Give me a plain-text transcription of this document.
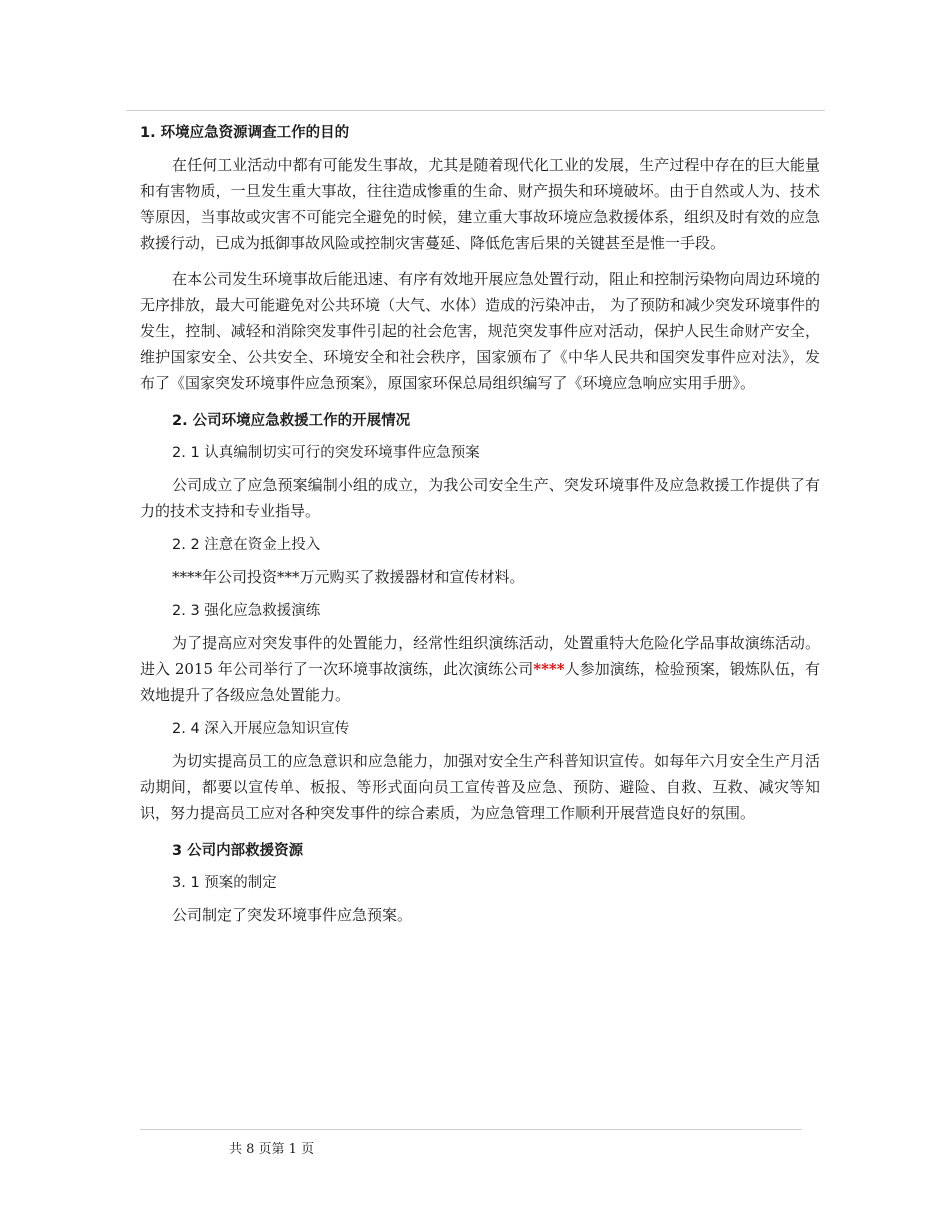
1. 环境应急资源调查工作的目的

在任何工业活动中都有可能发生事故，尤其是随着现代化工业的发展，生产过程中存在的巨大能量和有害物质，一旦发生重大事故，往往造成惨重的生命、财产损失和环境破坏。由于自然或人为、技术等原因，当事故或灾害不可能完全避免的时候，建立重大事故环境应急救援体系，组织及时有效的应急救援行动，已成为抵御事故风险或控制灾害蔓延、降低危害后果的关键甚至是惟一手段。

在本公司发生环境事故后能迅速、有序有效地开展应急处置行动，阻止和控制污染物向周边环境的无序排放，最大可能避免对公共环境（大气、水体）造成的污染冲击， 为了预防和减少突发环境事件的发生，控制、减轻和消除突发事件引起的社会危害，规范突发事件应对活动，保护人民生命财产安全，维护国家安全、公共安全、环境安全和社会秩序，国家颁布了《中华人民共和国突发事件应对法》，发布了《国家突发环境事件应急预案》，原国家环保总局组织编写了《环境应急响应实用手册》。

2. 公司环境应急救援工作的开展情况

2. 1 认真编制切实可行的突发环境事件应急预案

公司成立了应急预案编制小组的成立，为我公司安全生产、突发环境事件及应急救援工作提供了有力的技术支持和专业指导。

2. 2 注意在资金上投入

****年公司投资***万元购买了救援器材和宣传材料。

2. 3 强化应急救援演练

为了提高应对突发事件的处置能力，经常性组织演练活动，处置重特大危险化学品事故演练活动。进入 2015 年公司举行了一次环境事故演练，此次演练公司****人参加演练，检验预案，锻炼队伍，有效地提升了各级应急处置能力。

2. 4 深入开展应急知识宣传

为切实提高员工的应急意识和应急能力，加强对安全生产科普知识宣传。如每年六月安全生产月活动期间，都要以宣传单、板报、等形式面向员工宣传普及应急、预防、避险、自救、互救、减灾等知识，努力提高员工应对各种突发事件的综合素质，为应急管理工作顺利开展营造良好的氛围。

3 公司内部救援资源

3. 1 预案的制定

公司制定了突发环境事件应急预案。

共 8 页第 1 页
